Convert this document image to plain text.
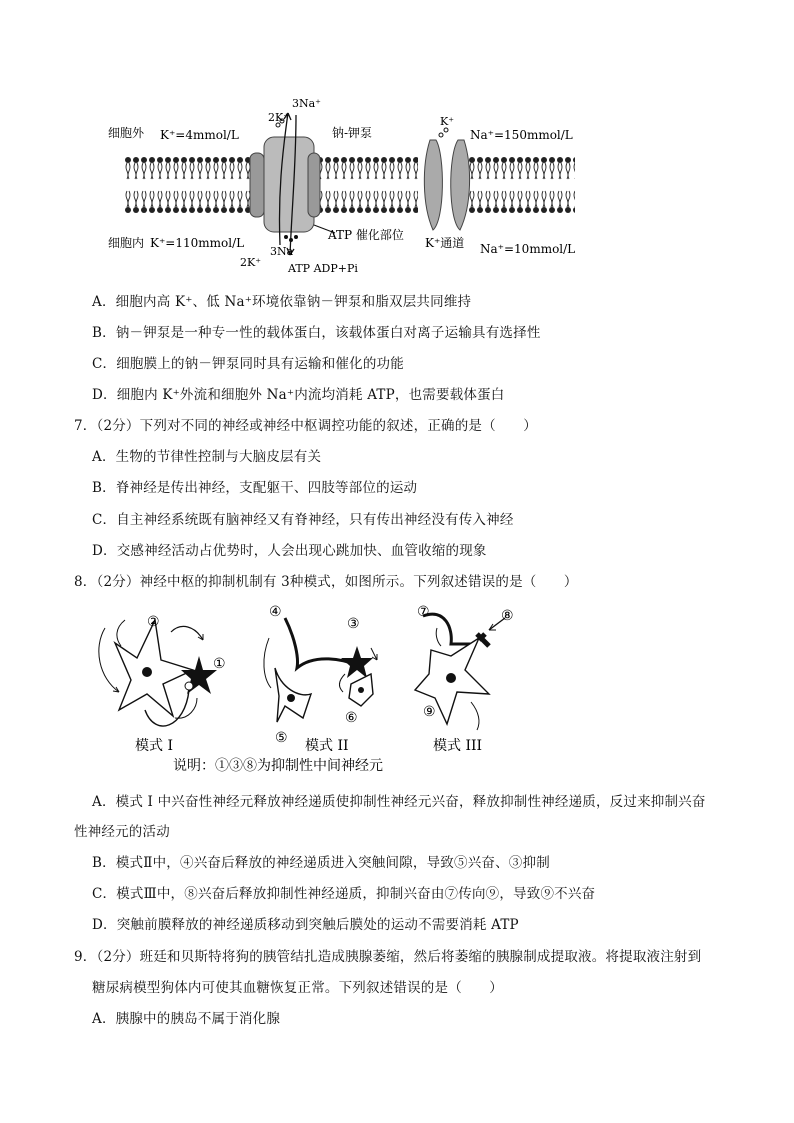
细胞外
细胞内
K⁺=4mmol/L
K⁺=110mmol/L
Na⁺=150mmol/L
Na⁺=10mmol/L
钠-钾泵
2K⁺
3Na⁺
2K⁺
3Na
ATP 催化部位
ATP ADP+Pi
K⁺
K⁺通道
A．细胞内高 K⁺、低 Na⁺环境依靠钠－钾泵和脂双层共同维持
B．钠－钾泵是一种专一性的载体蛋白，该载体蛋白对离子运输具有选择性
C．细胞膜上的钠－钾泵同时具有运输和催化的功能
D．细胞内 K⁺外流和细胞外 Na⁺内流均消耗 ATP，也需要载体蛋白
7．（2分）下列对不同的神经或神经中枢调控功能的叙述，正确的是（　　）
A．生物的节律性控制与大脑皮层有关
B．脊神经是传出神经，支配躯干、四肢等部位的运动
C．自主神经系统既有脑神经又有脊神经，只有传出神经没有传入神经
D．交感神经活动占优势时，人会出现心跳加快、血管收缩的现象
8．（2分）神经中枢的抑制机制有 3种模式，如图所示。下列叙述错误的是（　　）
②
①
模式 I
④
③
⑤
⑥
模式 II
⑦	⑧
⑨
模式 III
说明：①③⑧为抑制性中间神经元
A．模式 I 中兴奋性神经元释放神经递质使抑制性神经元兴奋，释放抑制性神经递质，反过来抑制兴奋
性神经元的活动
B．模式Ⅱ中，④兴奋后释放的神经递质进入突触间隙，导致⑤兴奋、③抑制
C．模式Ⅲ中，⑧兴奋后释放抑制性神经递质，抑制兴奋由⑦传向⑨，导致⑨不兴奋
D．突触前膜释放的神经递质移动到突触后膜处的运动不需要消耗 ATP
9．（2分）班廷和贝斯特将狗的胰管结扎造成胰腺萎缩，然后将萎缩的胰腺制成提取液。将提取液注射到
糖尿病模型狗体内可使其血糖恢复正常。下列叙述错误的是（　　）
A．胰腺中的胰岛不属于消化腺
